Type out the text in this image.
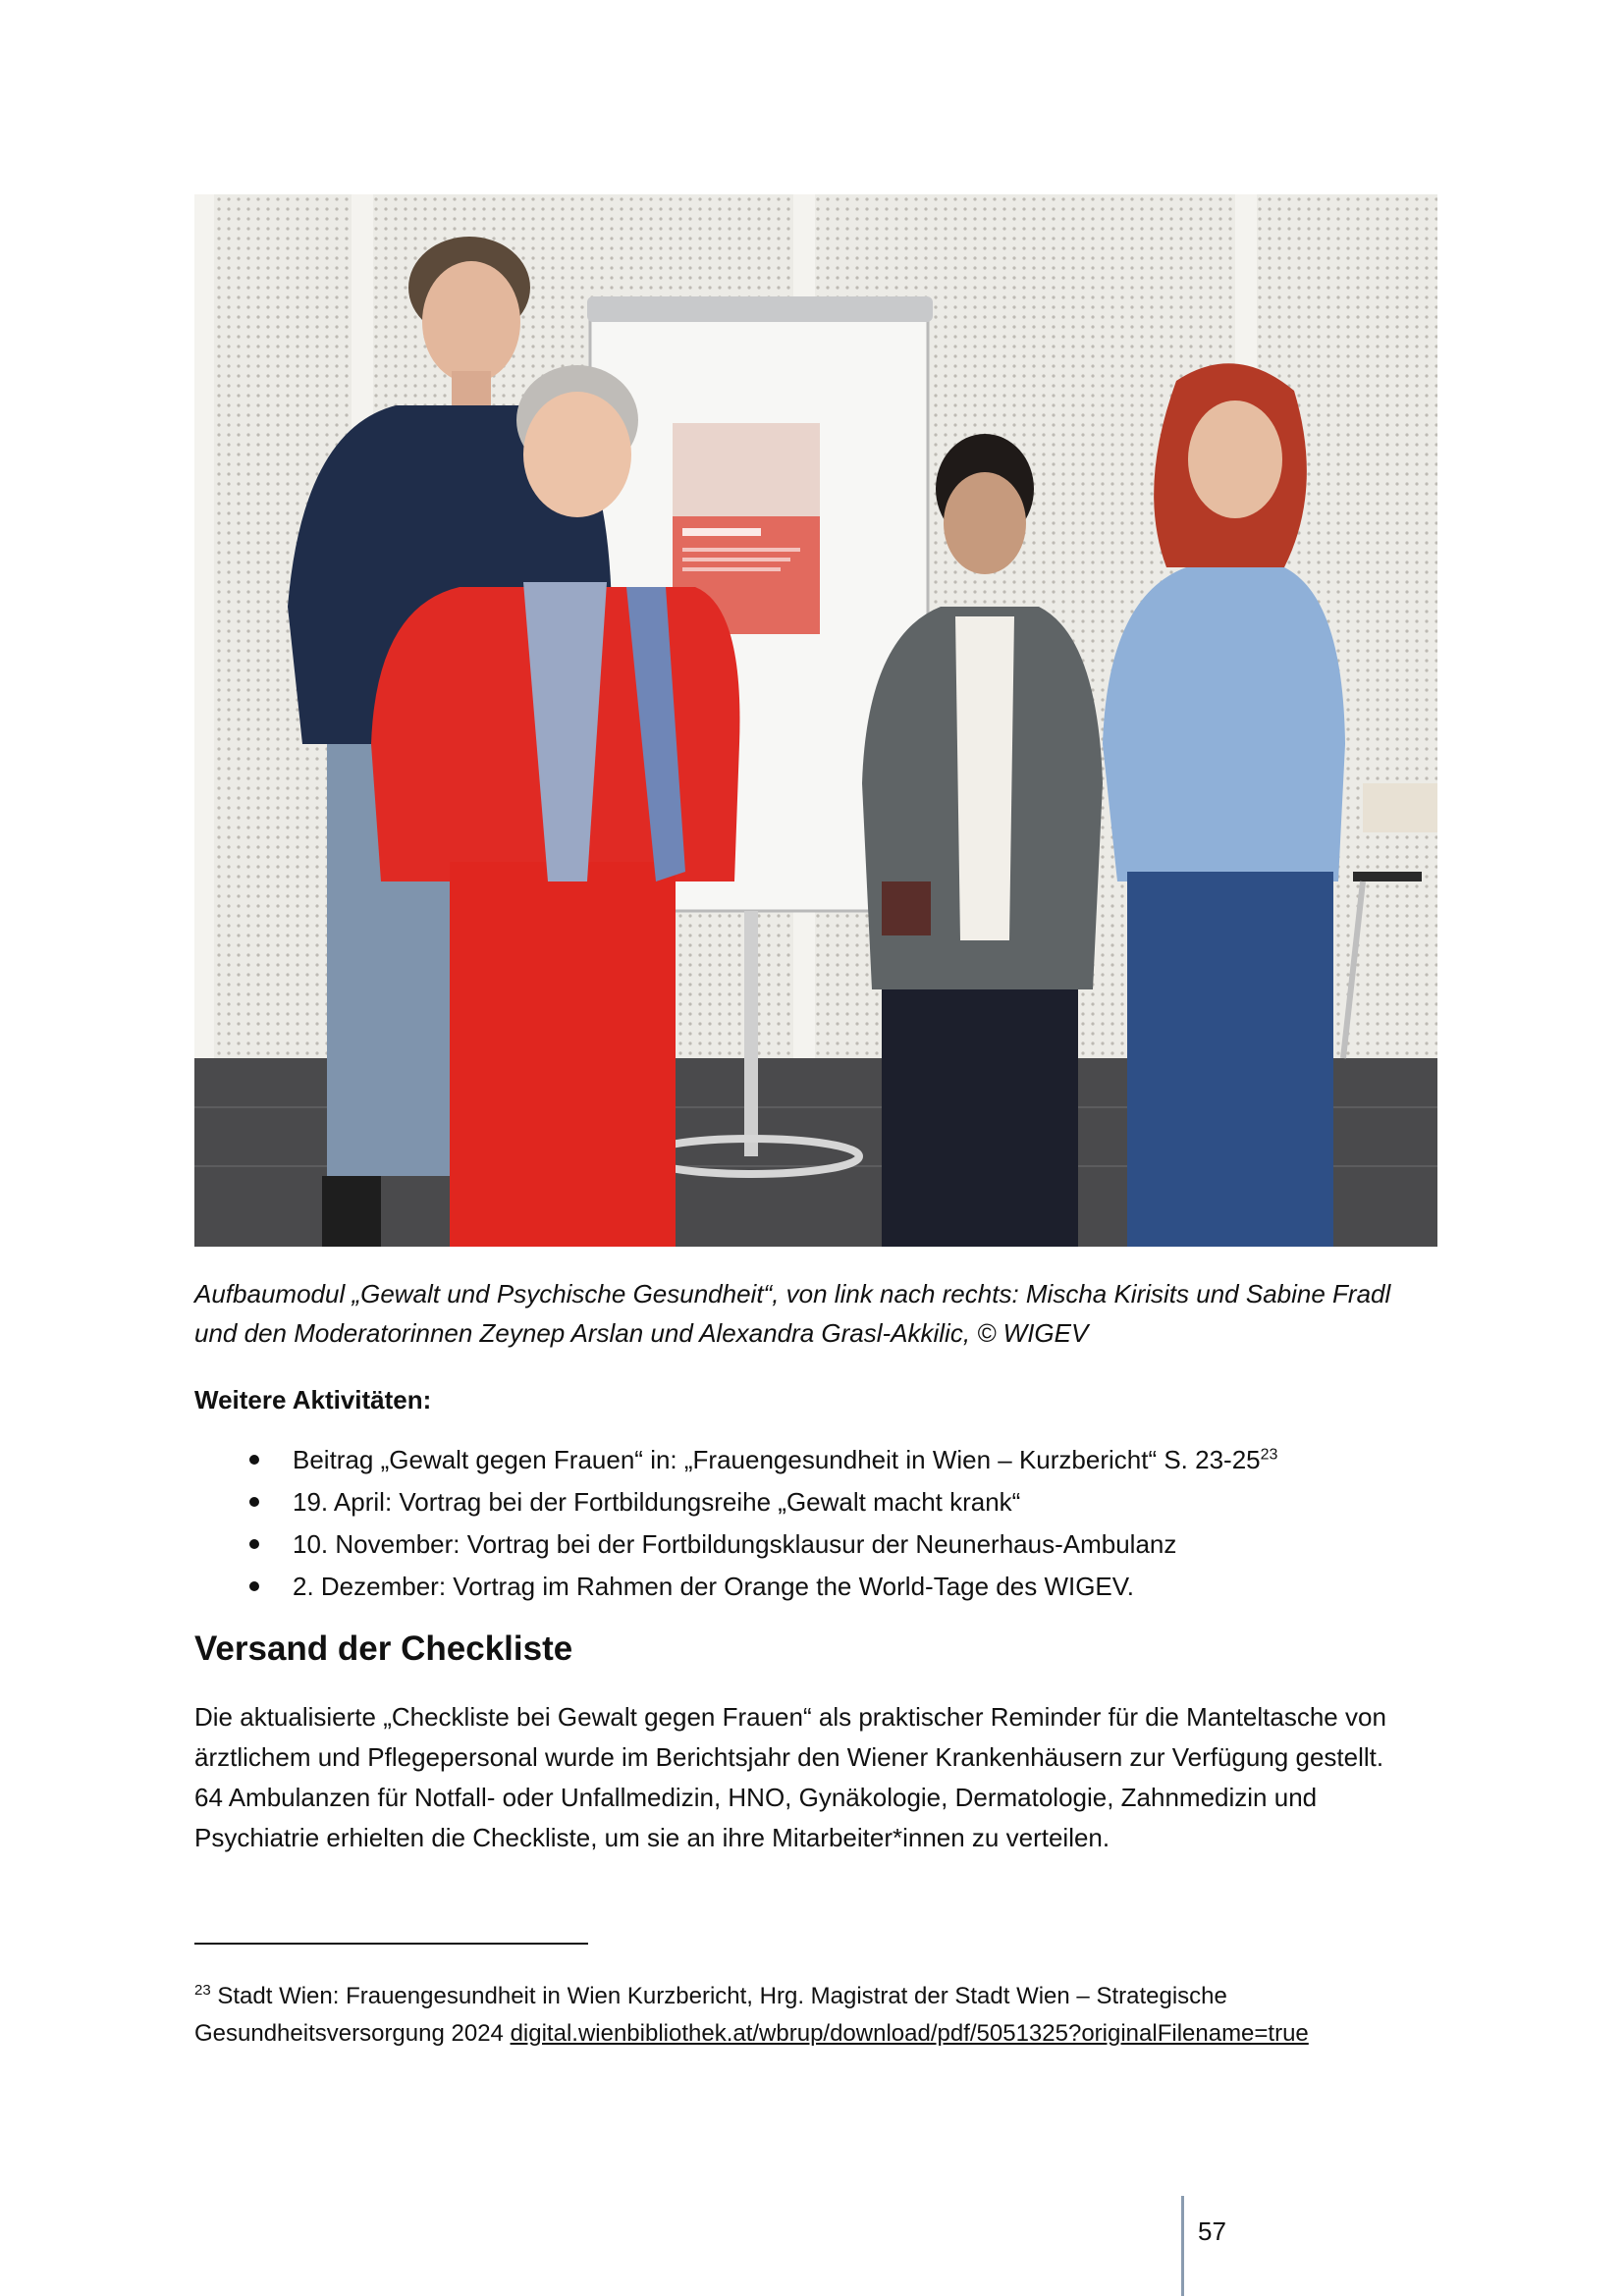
Aufbaumodul „Gewalt und Psychische Gesundheit“, von link nach rechts: Mischa Kirisits und Sabine Fradl
und den Moderatorinnen Zeynep Arslan und Alexandra Grasl-Akkilic, © WIGEV
Weitere Aktivitäten:
Beitrag „Gewalt gegen Frauen“ in: „Frauengesundheit in Wien – Kurzbericht“ S. $23-25^{23}$
19. April: Vortrag bei der Fortbildungsreihe „Gewalt macht krank“
10. November: Vortrag bei der Fortbildungsklausur der Neunerhaus-Ambulanz
2. Dezember: Vortrag im Rahmen der Orange the World-Tage des WIGEV.
Versand der Checkliste
Die aktualisierte „Checkliste bei Gewalt gegen Frauen“ als praktischer Reminder für die Manteltasche von
ärztlichem und Pflegepersonal wurde im Berichtsjahr den Wiener Krankenhäusern zur Verfügung gestellt.
64 Ambulanzen für Notfall- oder Unfallmedizin, HNO, Gynäkologie, Dermatologie, Zahnmedizin und
Psychiatrie erhielten die Checkliste, um sie an ihre Mitarbeiter*innen zu verteilen.
$^{23}$ Stadt Wien: Frauengesundheit in Wien Kurzbericht, Hrg. Magistrat der Stadt Wien – Strategische
Gesundheitsversorgung 2024 digital.wienbibliothek.at/wbrup/download/pdf/5051325?originalFilename=true
57
